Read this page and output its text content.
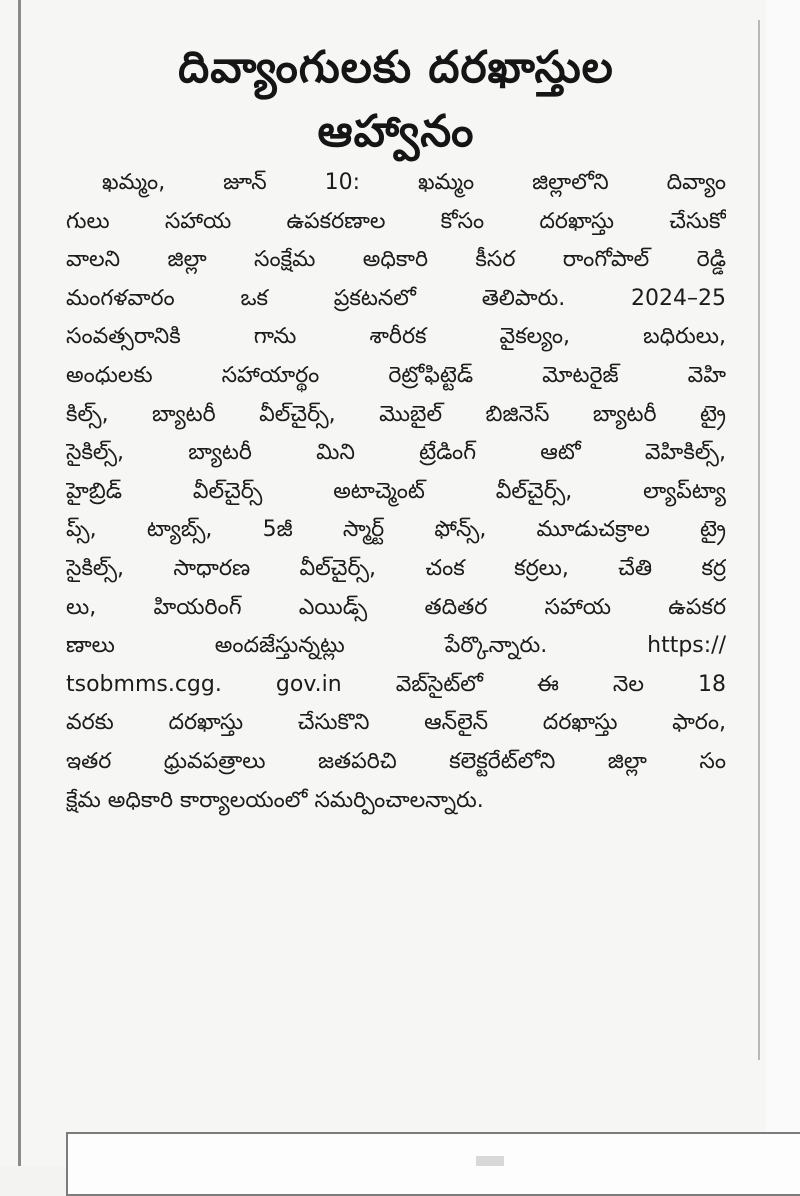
దివ్యాంగులకు దరఖాస్తుల
ఆహ్వానం
ఖమ్మం, జూన్ 10: ఖమ్మం జిల్లాలోని దివ్యాం
గులు సహాయ ఉపకరణాల కోసం దరఖాస్తు చేసుకో
వాలని జిల్లా సంక్షేమ అధికారి కీసర రాంగోపాల్ రెడ్డి
మంగళవారం ఒక ప్రకటనలో తెలిపారు. 2024–25
సంవత్సరానికి గాను శారీరక వైకల్యం, బధిరులు,
అంధులకు సహాయార్థం రెట్రోఫిట్టెడ్ మోటరైజ్ వెహి
కిల్స్, బ్యాటరీ వీల్‌చైర్స్, మొబైల్ బిజినెస్ బ్యాటరీ ట్రై
సైకిల్స్, బ్యాటరీ మిని ట్రేడింగ్ ఆటో వెహికిల్స్,
హైబ్రిడ్ వీల్‌చైర్స్ అటాచ్మెంట్ వీల్‌చైర్స్, ల్యాప్‌ట్యా
ప్స్, ట్యాబ్స్, 5జీ స్మార్ట్ ఫోన్స్, మూడుచక్రాల ట్రై
సైకిల్స్, సాధారణ వీల్‌చైర్స్, చంక కర్రలు, చేతి కర్ర
లు, హియరింగ్ ఎయిడ్స్ తదితర సహాయ ఉపకర
ణాలు అందజేస్తున్నట్లు పేర్కొన్నారు. https://
tsobmms.cgg. gov.in వెబ్‌సైట్‌లో ఈ నెల 18
వరకు దరఖాస్తు చేసుకొని ఆన్‌లైన్ దరఖాస్తు ఫారం,
ఇతర ధ్రువపత్రాలు జతపరిచి కలెక్టరేట్‌లోని జిల్లా సం
క్షేమ అధికారి కార్యాలయంలో సమర్పించాలన్నారు.
